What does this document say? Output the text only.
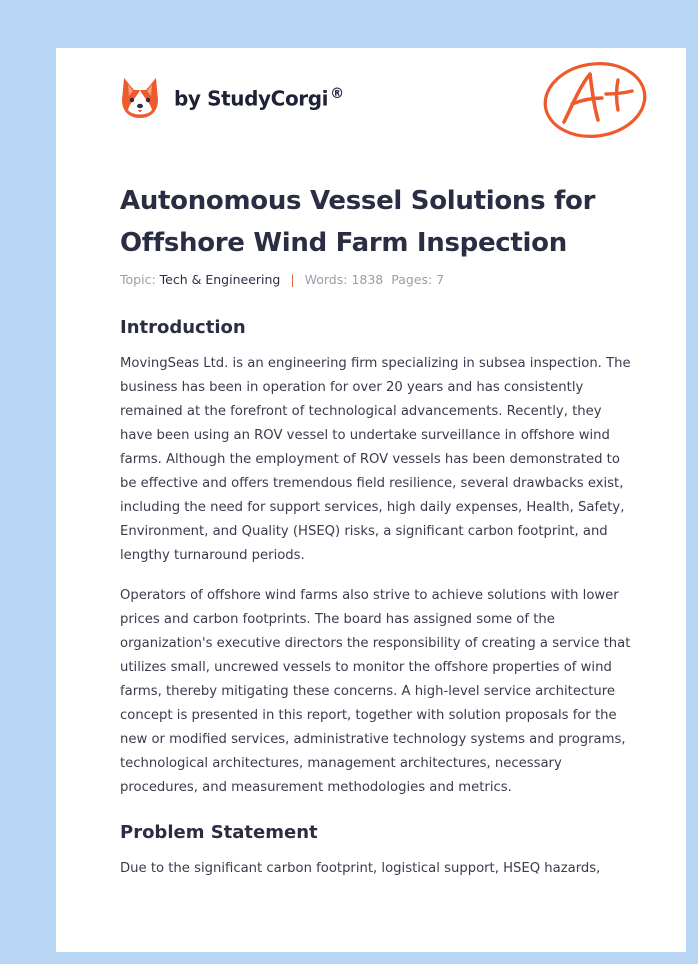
by StudyCorgi ®
Autonomous Vessel Solutions for Offshore Wind Farm Inspection
Topic: Tech & Engineering | Words: 1838 Pages: 7
Introduction

MovingSeas Ltd. is an engineering firm specializing in subsea inspection. The business has been in operation for over 20 years and has consistently remained at the forefront of technological advancements. Recently, they have been using an ROV vessel to undertake surveillance in offshore wind farms. Although the employment of ROV vessels has been demonstrated to be effective and offers tremendous field resilience, several drawbacks exist, including the need for support services, high daily expenses, Health, Safety, Environment, and Quality (HSEQ) risks, a significant carbon footprint, and lengthy turnaround periods.

Operators of offshore wind farms also strive to achieve solutions with lower prices and carbon footprints. The board has assigned some of the organization's executive directors the responsibility of creating a service that utilizes small, uncrewed vessels to monitor the offshore properties of wind farms, thereby mitigating these concerns. A high-level service architecture concept is presented in this report, together with solution proposals for the new or modified services, administrative technology systems and programs, technological architectures, management architectures, necessary procedures, and measurement methodologies and metrics.

Problem Statement

Due to the significant carbon footprint, logistical support, HSEQ hazards,
